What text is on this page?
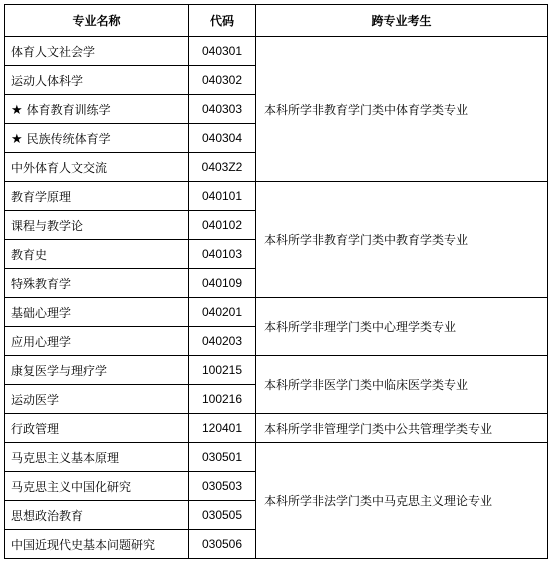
专业名称	代码	跨专业考生
体育人文社会学	040301	本科所学非教育学门类中体育学类专业
运动人体科学	040302	
★ 体育教育训练学	040303	
★ 民族传统体育学	040304	
中外体育人文交流	0403Z2	
教育学原理	040101	本科所学非教育学门类中教育学类专业
课程与教学论	040102	
教育史	040103	
特殊教育学	040109	
基础心理学	040201	本科所学非理学门类中心理学类专业
应用心理学	040203	
康复医学与理疗学	100215	本科所学非医学门类中临床医学类专业
运动医学	100216	
行政管理	120401	本科所学非管理学门类中公共管理学类专业
马克思主义基本原理	030501	本科所学非法学门类中马克思主义理论专业
马克思主义中国化研究	030503	
思想政治教育	030505	
中国近现代史基本问题研究	030506	
